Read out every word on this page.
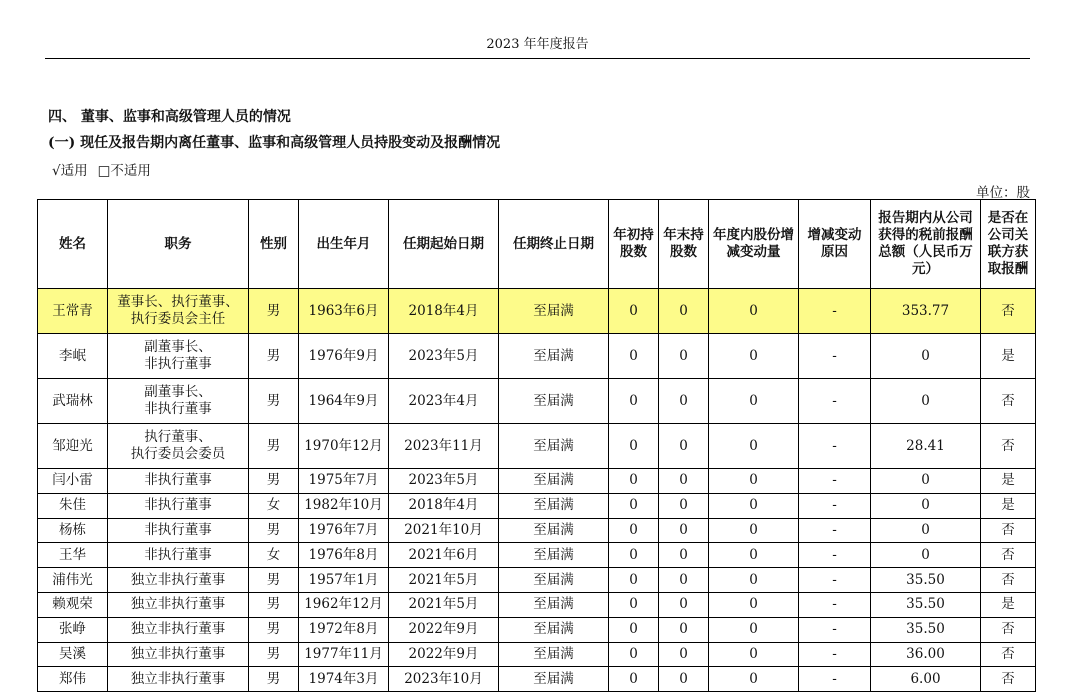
2023 年年度报告
四、 董事、监事和高级管理人员的情况
(一) 现任及报告期内离任董事、监事和高级管理人员持股变动及报酬情况
√适用 □不适用
单位：股
姓名	职务	性别	出生年月	任期起始日期	任期终止日期	年初持股数	年末持股数	年度内股份增减变动量	增减变动原因	报告期内从公司获得的税前报酬总额（人民币万元）	是否在公司关联方获取报酬
王常青	董事长、执行董事、
执行委员会主任	男	1963年6月	2018年4月	至届满	0	0	0	-	353.77	否
李岷	副董事长、
非执行董事	男	1976年9月	2023年5月	至届满	0	0	0	-	0	是
武瑞林	副董事长、
非执行董事	男	1964年9月	2023年4月	至届满	0	0	0	-	0	否
邹迎光	执行董事、
执行委员会委员	男	1970年12月	2023年11月	至届满	0	0	0	-	28.41	否
闫小雷	非执行董事	男	1975年7月	2023年5月	至届满	0	0	0	-	0	是
朱佳	非执行董事	女	1982年10月	2018年4月	至届满	0	0	0	-	0	是
杨栋	非执行董事	男	1976年7月	2021年10月	至届满	0	0	0	-	0	否
王华	非执行董事	女	1976年8月	2021年6月	至届满	0	0	0	-	0	否
浦伟光	独立非执行董事	男	1957年1月	2021年5月	至届满	0	0	0	-	35.50	否
赖观荣	独立非执行董事	男	1962年12月	2021年5月	至届满	0	0	0	-	35.50	是
张峥	独立非执行董事	男	1972年8月	2022年9月	至届满	0	0	0	-	35.50	否
吴溪	独立非执行董事	男	1977年11月	2022年9月	至届满	0	0	0	-	36.00	否
郑伟	独立非执行董事	男	1974年3月	2023年10月	至届满	0	0	0	-	6.00	否
